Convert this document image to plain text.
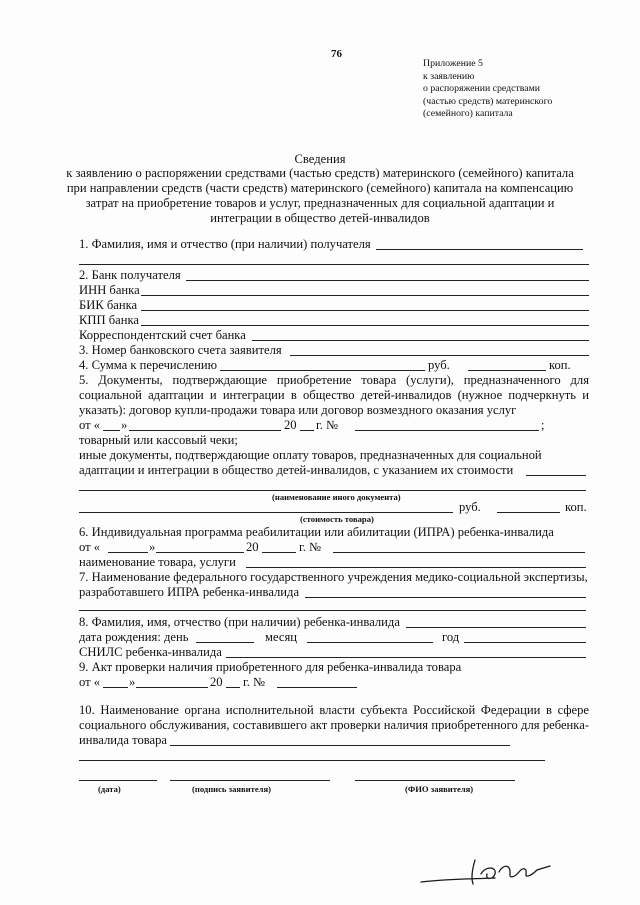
76
Приложение 5
к заявлению
о распоряжении средствами
(частью средств) материнского
(семейного) капитала
Сведения
к заявлению о распоряжении средствами (частью средств) материнского (семейного) капитала
при направлении средств (части средств) материнского (семейного) капитала на компенсацию
затрат на приобретение товаров и услуг, предназначенных для социальной адаптации и
интеграции в общество детей-инвалидов
1. Фамилия, имя и отчество (при наличии) получателя
2. Банк получателя
ИНН банка
БИК банка
КПП банка
Корреспондентский счет банка
3. Номер банковского счета заявителя
4. Сумма к перечислению	руб.	коп.
5. Документы, подтверждающие приобретение товара (услуги), предназначенного для
социальной адаптации и интеграции в общество детей-инвалидов (нужное подчеркнуть и
указать): договор купли-продажи товара или договор возмездного оказания услуг
от « »	20 г. №	;
товарный или кассовый чеки;
иные документы, подтверждающие оплату товаров, предназначенных для социальной
адаптации и интеграции в общество детей-инвалидов, с указанием их стоимости
(наименование иного документа)
руб.	коп.
(стоимость товара)
6. Индивидуальная программа реабилитации или абилитации (ИПРА) ребенка-инвалида
от «	»	20	г. №
наименование товара, услуги
7. Наименование федерального государственного учреждения медико-социальной экспертизы,
разработавшего ИПРА ребенка-инвалида
8. Фамилия, имя, отчество (при наличии) ребенка-инвалида
дата рождения: день	месяц	год
СНИЛС ребенка-инвалида
9. Акт проверки наличия приобретенного для ребенка-инвалида товара
от « »	20 г. №
10. Наименование органа исполнительной власти субъекта Российской Федерации в сфере
социального обслуживания, составившего акт проверки наличия приобретенного для ребенка-
инвалида товара
(дата)	(подпись заявителя)	(ФИО заявителя)
